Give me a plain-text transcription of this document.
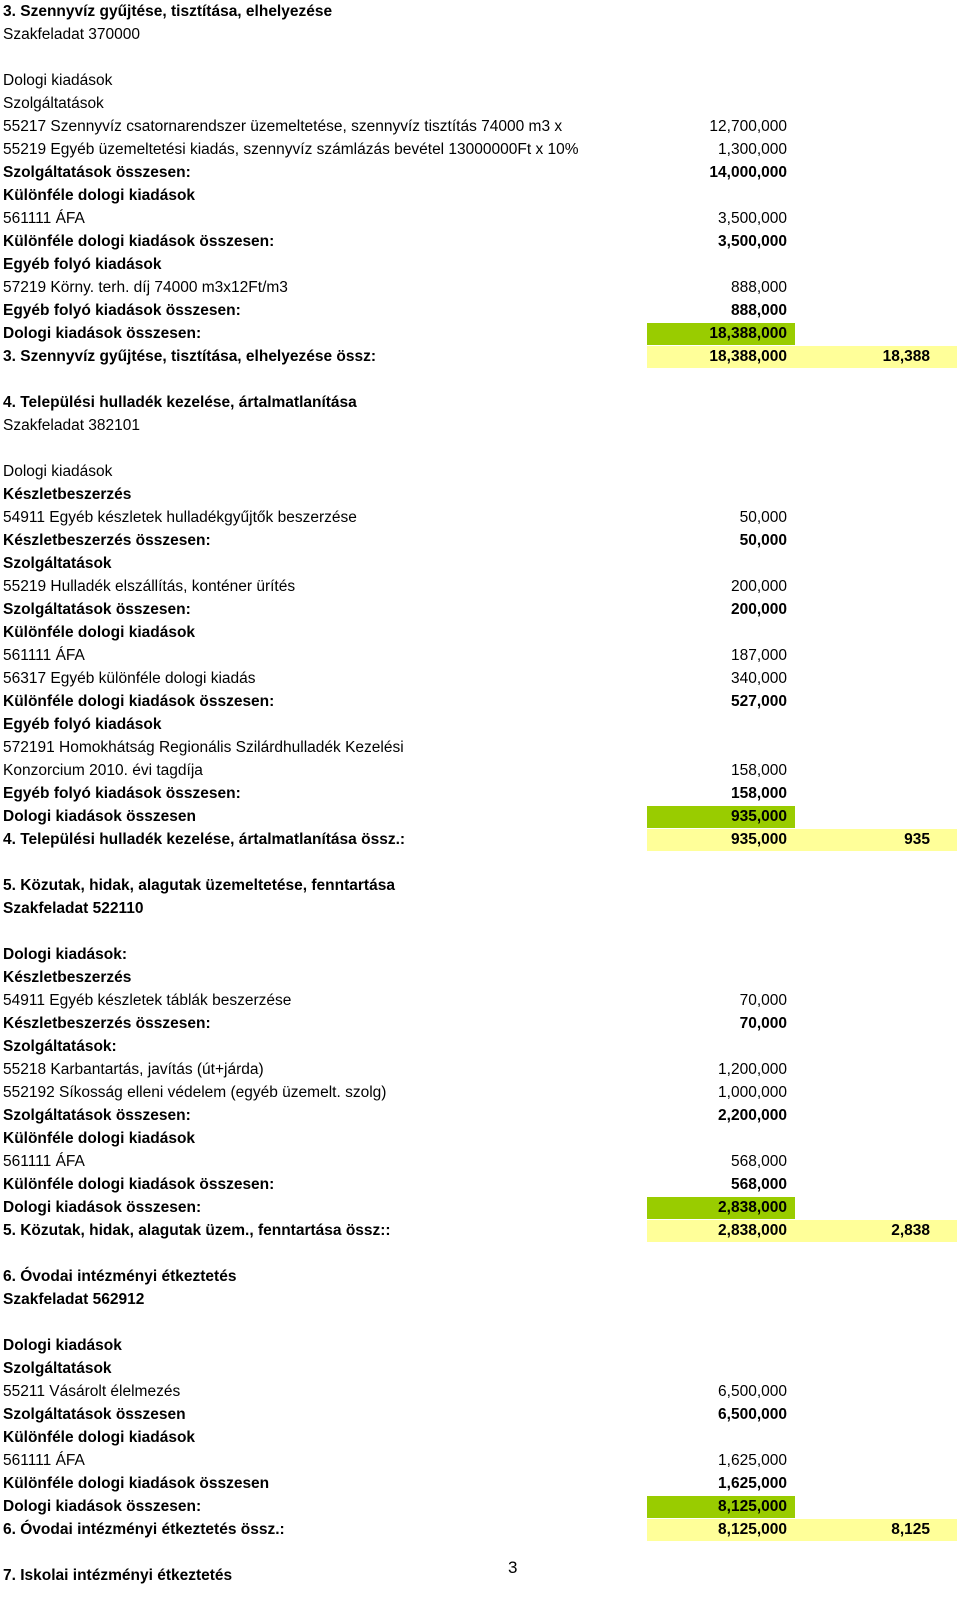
3. Szennyvíz gyűjtése, tisztítása, elhelyezése
Szakfeladat 370000
Dologi kiadások
Szolgáltatások
55217 Szennyvíz csatornarendszer üzemeltetése, szennyvíz tisztítás 74000 m3 x	12,700,000
55219 Egyéb üzemeltetési kiadás, szennyvíz számlázás bevétel 13000000Ft x 10%	1,300,000
Szolgáltatások összesen:	14,000,000
Különféle dologi kiadások
561111 ÁFA	3,500,000
Különféle dologi kiadások összesen:	3,500,000
Egyéb folyó kiadások
57219 Körny. terh. díj 74000 m3x12Ft/m3	888,000
Egyéb folyó kiadások összesen:	888,000
Dologi kiadások összesen:	18,388,000
3. Szennyvíz gyűjtése, tisztítása, elhelyezése össz:	18,388,000	18,388
4. Települési hulladék kezelése, ártalmatlanítása
Szakfeladat 382101
Dologi kiadások
Készletbeszerzés
54911 Egyéb készletek hulladékgyűjtők beszerzése	50,000
Készletbeszerzés összesen:	50,000
Szolgáltatások
55219 Hulladék elszállítás, konténer ürítés	200,000
Szolgáltatások összesen:	200,000
Különféle dologi kiadások
561111 ÁFA	187,000
56317 Egyéb különféle dologi kiadás	340,000
Különféle dologi kiadások összesen:	527,000
Egyéb folyó kiadások
572191 Homokhátság Regionális Szilárdhulladék Kezelési
Konzorcium 2010. évi tagdíja	158,000
Egyéb folyó kiadások összesen:	158,000
Dologi kiadások összesen	935,000
4. Települési hulladék kezelése, ártalmatlanítása össz.:	935,000	935
5. Közutak, hidak, alagutak üzemeltetése, fenntartása
Szakfeladat 522110
Dologi kiadások:
Készletbeszerzés
54911 Egyéb készletek táblák beszerzése	70,000
Készletbeszerzés összesen:	70,000
Szolgáltatások:
55218 Karbantartás, javítás (út+járda)	1,200,000
552192 Síkosság elleni védelem (egyéb üzemelt. szolg)	1,000,000
Szolgáltatások összesen:	2,200,000
Különféle dologi kiadások
561111 ÁFA	568,000
Különféle dologi kiadások összesen:	568,000
Dologi kiadások összesen:	2,838,000
5. Közutak, hidak, alagutak üzem., fenntartása össz::	2,838,000	2,838
6. Óvodai intézményi étkeztetés
Szakfeladat 562912
Dologi kiadások
Szolgáltatások
55211 Vásárolt élelmezés	6,500,000
Szolgáltatások összesen	6,500,000
Különféle dologi kiadások
561111 ÁFA	1,625,000
Különféle dologi kiadások összesen	1,625,000
Dologi kiadások összesen:	8,125,000
6. Óvodai intézményi étkeztetés össz.:	8,125,000	8,125
7. Iskolai intézményi étkeztetés	3
